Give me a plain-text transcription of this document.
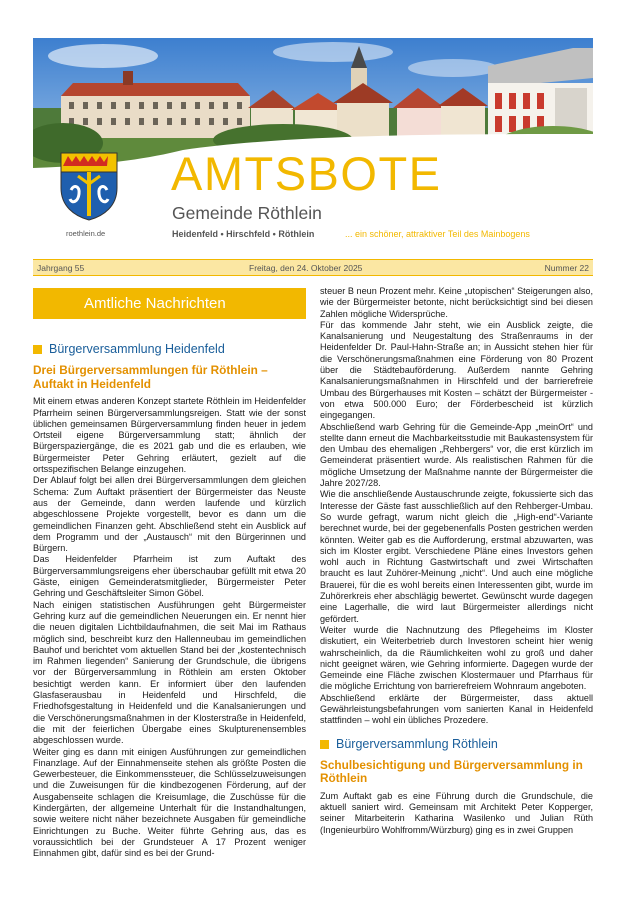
roethlein.de
AMTSBOTE
Gemeinde Röthlein
Heidenfeld • Hirschfeld • Röthlein	... ein schöner, attraktiver Teil des Mainbogens
Jahrgang 55	Freitag, den 24. Oktober 2025	Nummer 22
Amtliche Nachrichten
Bürgerversammlung Heidenfeld
Drei Bürgerversammlungen für Röthlein – Auftakt in Heidenfeld

Mit einem etwas anderen Konzept startete Röthlein im Heidenfelder Pfarrheim seinen Bürgerversammlungsreigen. Statt wie der sonst üblichen gemeinsamen Bürgerversammlung finden heuer in jedem Ortsteil eigene Bürgerversammlung statt; ähnlich der Bürgerspaziergänge, die es 2021 gab und die es erlauben, wie Bürgermeister Peter Gehring erläutert, gezielt auf die ortsspezifischen Belange einzugehen.

Der Ablauf folgt bei allen drei Bürgerversammlungen dem gleichen Schema: Zum Auftakt präsentiert der Bürgermeister das Neuste aus der Gemeinde, dann werden laufende und kürzlich abgeschlossene Projekte vorgestellt, bevor es dann um die gemeindlichen Finanzen geht. Abschließend steht ein Ausblick auf dem Programm und der „Austausch“ mit den Bürgerinnen und Bürgern.

Das Heidenfelder Pfarrheim ist zum Auftakt des Bürgerversammlungsreigens eher überschaubar gefüllt mit etwa 20 Gäste, einigen Gemeinderatsmitglieder, Bürgermeister Peter Gehring und Geschäftsleiter Simon Göbel.

Nach einigen statistischen Ausführungen geht Bürgermeister Gehring kurz auf die gemeindlichen Neuerungen ein. Er nennt hier die neuen digitalen Lichtbildaufnahmen, die seit Mai im Rathaus möglich sind, beschreibt kurz den Hallenneubau im gemeindlichen Bauhof und berichtet vom aktuellen Stand bei der „kostentechnisch im Rahmen liegenden“ Sanierung der Grundschule, die übrigens vor der Bürgerversammlung in Röthlein am ersten Oktober besichtigt werden kann. Er informiert über den laufenden Glasfaserausbau in Heidenfeld und Hirschfeld, die Friedhofsgestaltung in Heidenfeld und die Kanalsanierungen und die Verschönerungsmaßnahmen in der Klosterstraße in Heidenfeld, die mit der feierlichen Übergabe eines Skulpturenensembles abgeschlossen wurde.

Weiter ging es dann mit einigen Ausführungen zur gemeindlichen Finanzlage. Auf der Einnahmenseite stehen als größte Posten die Gewerbesteuer, die Einkommenssteuer, die Schlüsselzuweisungen und die Zuweisungen für die kindbezogenen Förderung, auf der Ausgabenseite schlagen die Kreisumlage, die Zuschüsse für die Kindergärten, der allgemeine Unterhalt für die Instandhaltungen, sowie weitere nicht näher bezeichnete Ausgaben für gemeindliche Einrichtungen zu Buche. Weiter führte Gehring aus, das es voraussichtlich bei der Grundsteuer A 17 Prozent weniger Einnahmen gibt, dafür sind es bei der Grund-

steuer B neun Prozent mehr. Keine „utopischen“ Steigerungen also, wie der Bürgermeister betonte, nicht berücksichtigt sind bei diesen Zahlen mögliche Widersprüche.

Für das kommende Jahr steht, wie ein Ausblick zeigte, die Kanalsanierung und Neugestaltung des Straßenraums in der Heidenfelder Dr. Paul-Hahn-Straße an; in Aussicht stehen hier für die Verschönerungsmaßnahmen eine Förderung von 80 Prozent über die Städtebauförderung. Außerdem nannte Gehring Kanalsanierungsmaßnahmen in Hirschfeld und der barrierefreie Umbau des Bürgerhauses mit Kosten – schätzt der Bürgermeister - von etwa 500.000 Euro; der Förderbescheid ist kürzlich eingegangen.

Abschließend warb Gehring für die Gemeinde-App „meinOrt“ und stellte dann erneut die Machbarkeitsstudie mit Baukastensystem für den Umbau des ehemaligen „Rehbergers“ vor, die erst kürzlich im Gemeinderat präsentiert wurde. Als realistischen Rahmen für die mögliche Umsetzung der Maßnahme nannte der Bürgermeister die Jahre 2027/28.

Wie die anschließende Austauschrunde zeigte, fokussierte sich das Interesse der Gäste fast ausschließlich auf den Rehberger-Umbau. So wurde gefragt, warum nicht gleich die „High-end“-Variante berechnet wurde, bei der gegebenenfalls Posten gestrichen werden könnten. Weiter gab es die Aufforderung, erstmal abzuwarten, was sich im Kloster ergibt. Verschiedene Pläne eines Investors gehen wohl auch in Richtung Gastwirtschaft und zwei Wirtschaften braucht es laut Zuhörer-Meinung „nicht“. Und auch eine mögliche Brauerei, für die es wohl bereits einen Interessenten gibt, wurde im Zuhörerkreis eher abschlägig bewertet. Gewünscht wurde dagegen eine Lagerhalle, die wird laut Bürgermeister allerdings nicht gefördert.

Weiter wurde die Nachnutzung des Pflegeheims im Kloster diskutiert, ein Weiterbetrieb durch Investoren scheint hier wenig wahrscheinlich, da die Räumlichkeiten wohl zu groß und daher nicht geeignet wären, wie Gehring informierte. Dagegen wurde der Gemeinde eine Fläche zwischen Klostermauer und Pfarrhaus für die mögliche Errichtung von barrierefreiem Wohnraum angeboten.

Abschließend erklärte der Bürgermeister, dass aktuell Gewährleistungsbefahrungen vom sanierten Kanal in Heidenfeld stattfinden – wohl ein übliches Prozedere.

Bürgerversammlung Röthlein
Schulbesichtigung und Bürgerversammlung in Röthlein

Zum Auftakt gab es eine Führung durch die Grundschule, die aktuell saniert wird. Gemeinsam mit Architekt Peter Kopperger, seiner Mitarbeiterin Katharina Wasilenko und Julian Rüth (Ingenieurbüro Wohlfromm/Würzburg) ging es in zwei Gruppen
